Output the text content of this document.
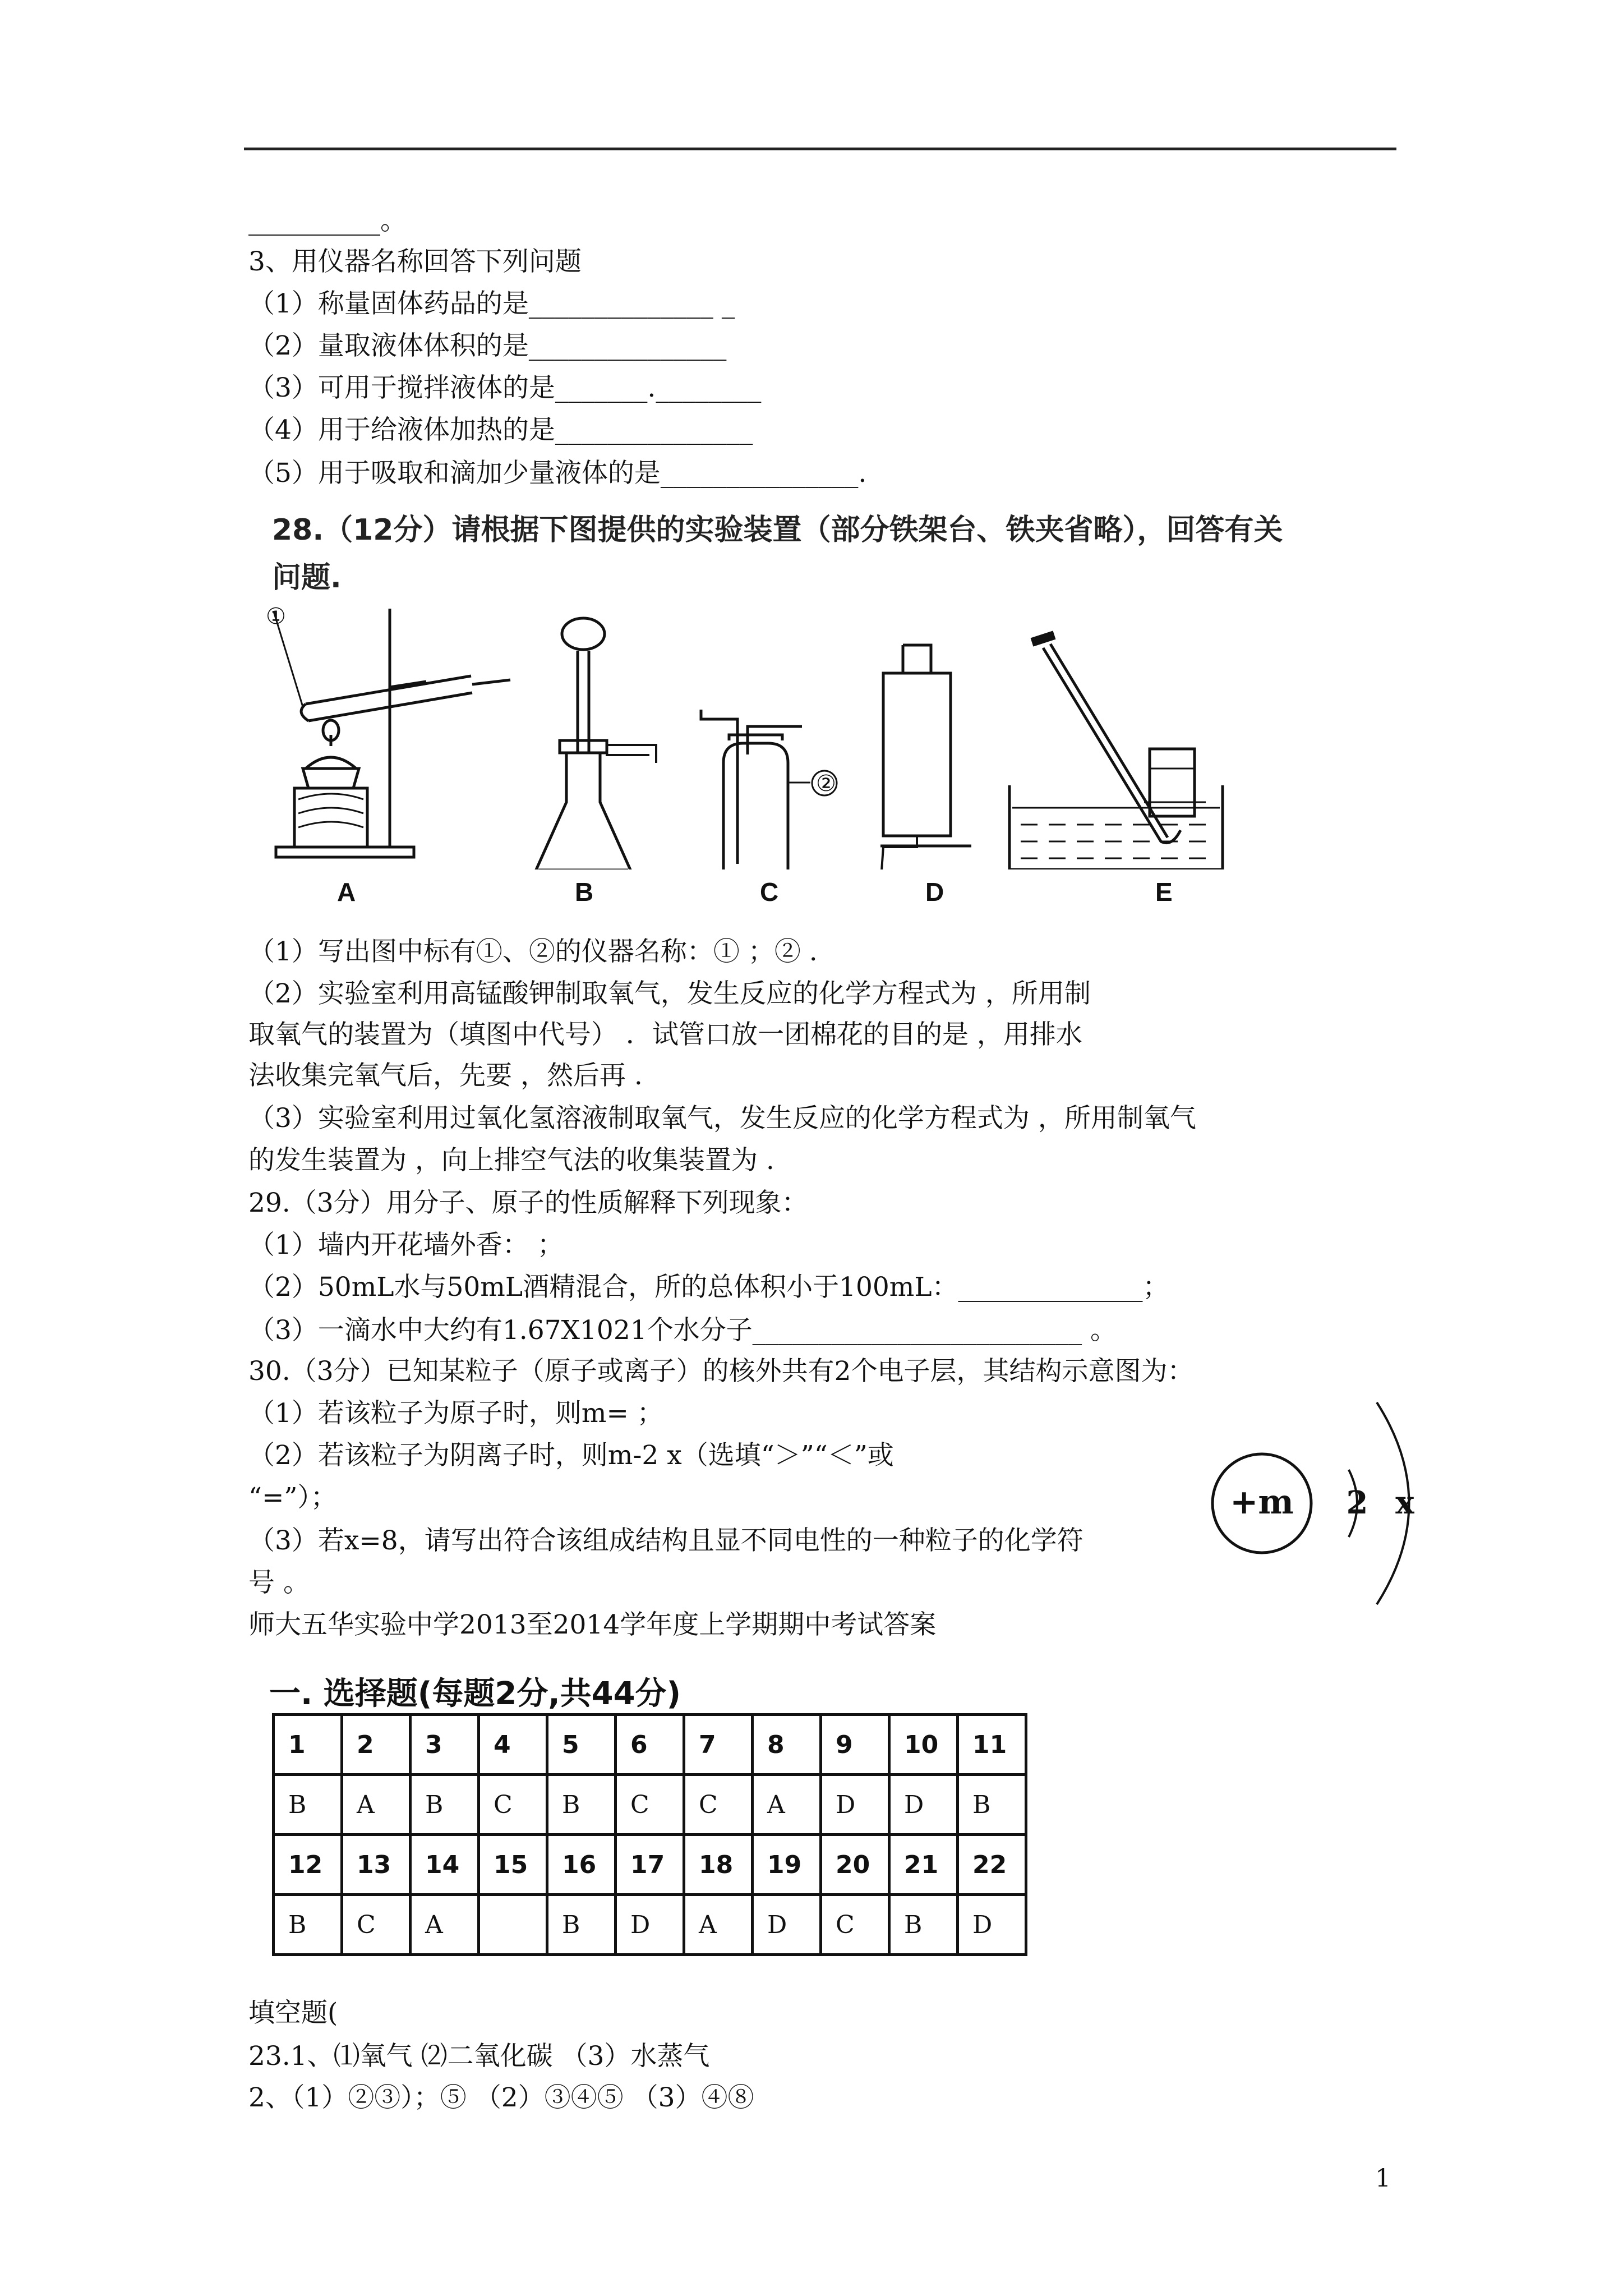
__________。
3、用仪器名称回答下列问题
（1）称量固体药品的是______________ _
（2）量取液体体积的是_______________
（3）可用于搅拌液体的是_______.________
（4）用于给液体加热的是_______________
（5）用于吸取和滴加少量液体的是_______________.
28.（12分）请根据下图提供的实验装置（部分铁架台、铁夹省略），回答有关
问题.
①
②
A	B	C	D	E
（1）写出图中标有①、②的仪器名称：① ；② .
（2）实验室利用高锰酸钾制取氧气，发生反应的化学方程式为 ，所用制
取氧气的装置为（填图中代号） ．试管口放一团棉花的目的是 ，用排水
法收集完氧气后，先要 ，然后再 .
（3）实验室利用过氧化氢溶液制取氧气，发生反应的化学方程式为 ，所用制氧气
的发生装置为 ，向上排空气法的收集装置为 .
29.（3分）用分子、原子的性质解释下列现象：
（1）墙内开花墙外香： ；
（2）50mL水与50mL酒精混合，所的总体积小于100mL：______________；
（3）一滴水中大约有1.67X1021个水分子_________________________ 。
30.（3分）已知某粒子（原子或离子）的核外共有2个电子层，其结构示意图为：
（1）若该粒子为原子时，则m= ；
（2）若该粒子为阴离子时，则m-2 x（选填“＞”“＜”或
“=”）；
（3）若x=8，请写出符合该组成结构且显不同电性的一种粒子的化学符
号 。
+m 2 x
师大五华实验中学2013至2014学年度上学期期中考试答案
一. 选择题(每题2分,共44分)
1	2	3	4	5	6	7	8	9	10	11
B	A	B	C	B	C	C	A	D	D	B
12	13	14	15	16	17	18	19	20	21	22
B	C	A		B	D	A	D	C	B	D
填空题(
23.1、⑴氧气 ⑵二氧化碳 （3）水蒸气
2、（1）②③）；⑤ （2）③④⑤ （3）④⑧
1
